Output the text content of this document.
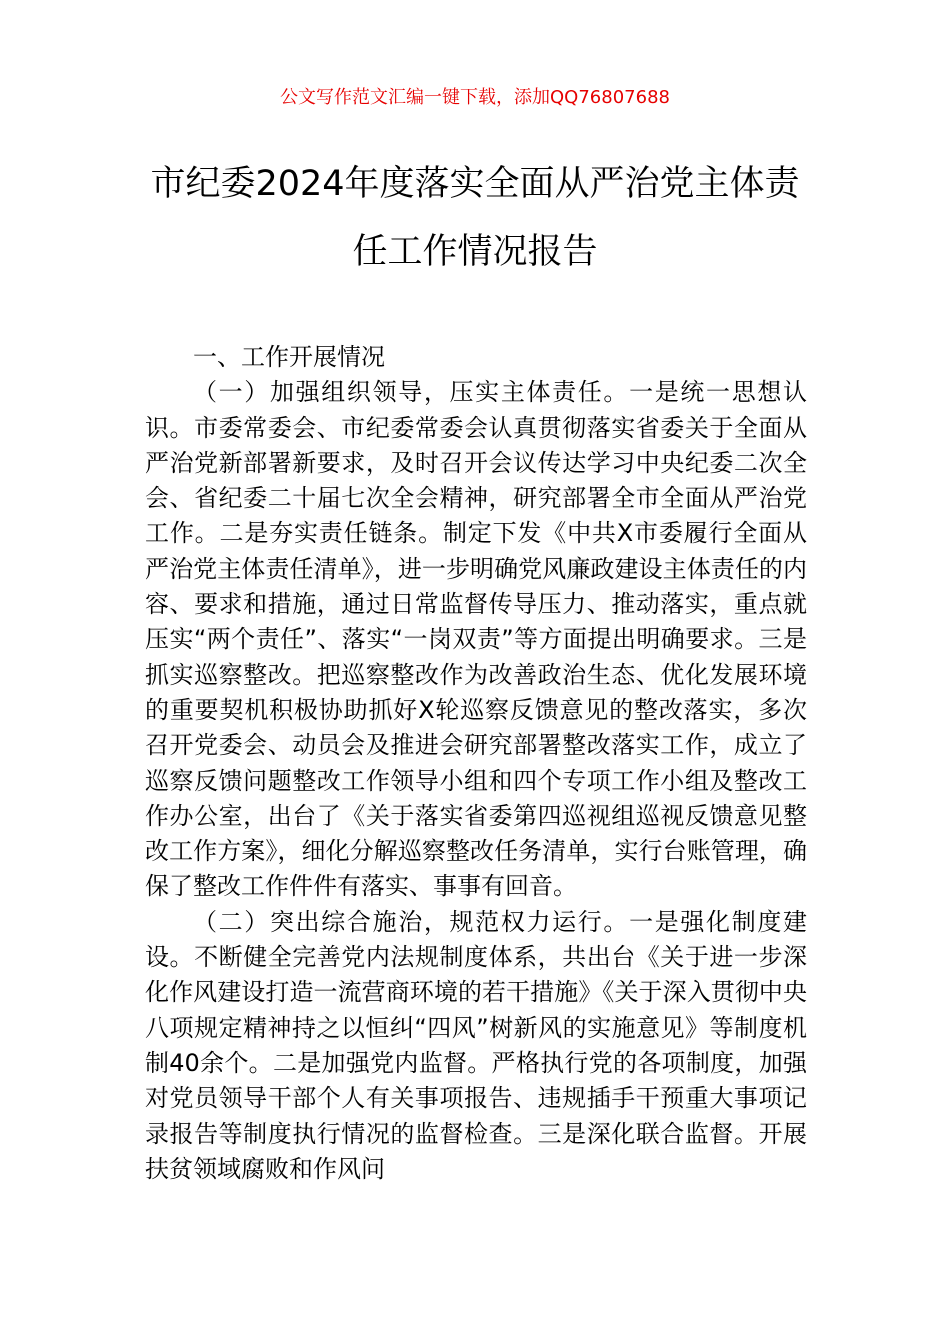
公文写作范文汇编一键下载，添加QQ76807688
市纪委2024年度落实全面从严治党主体责
任工作情况报告

一、工作开展情况

（一）加强组织领导，压实主体责任。一是统一思想认识。市委常委会、市纪委常委会认真贯彻落实省委关于全面从严治党新部署新要求，及时召开会议传达学习中央纪委二次全会、省纪委二十届七次全会精神，研究部署全市全面从严治党工作。二是夯实责任链条。制定下发《中共X市委履行全面从严治党主体责任清单》，进一步明确党风廉政建设主体责任的内容、要求和措施，通过日常监督传导压力、推动落实，重点就压实“两个责任”、落实“一岗双责”等方面提出明确要求。三是抓实巡察整改。把巡察整改作为改善政治生态、优化发展环境的重要契机积极协助抓好X轮巡察反馈意见的整改落实，多次召开党委会、动员会及推进会研究部署整改落实工作，成立了巡察反馈问题整改工作领导小组和四个专项工作小组及整改工作办公室，出台了《关于落实省委第四巡视组巡视反馈意见整改工作方案》，细化分解巡察整改任务清单，实行台账管理，确保了整改工作件件有落实、事事有回音。

（二）突出综合施治，规范权力运行。一是强化制度建设。不断健全完善党内法规制度体系，共出台《关于进一步深化作风建设打造一流营商环境的若干措施》《关于深入贯彻中央八项规定精神持之以恒纠“四风”树新风的实施意见》等制度机制40余个。二是加强党内监督。严格执行党的各项制度，加强对党员领导干部个人有关事项报告、违规插手干预重大事项记录报告等制度执行情况的监督检查。三是深化联合监督。开展扶贫领域腐败和作风问
